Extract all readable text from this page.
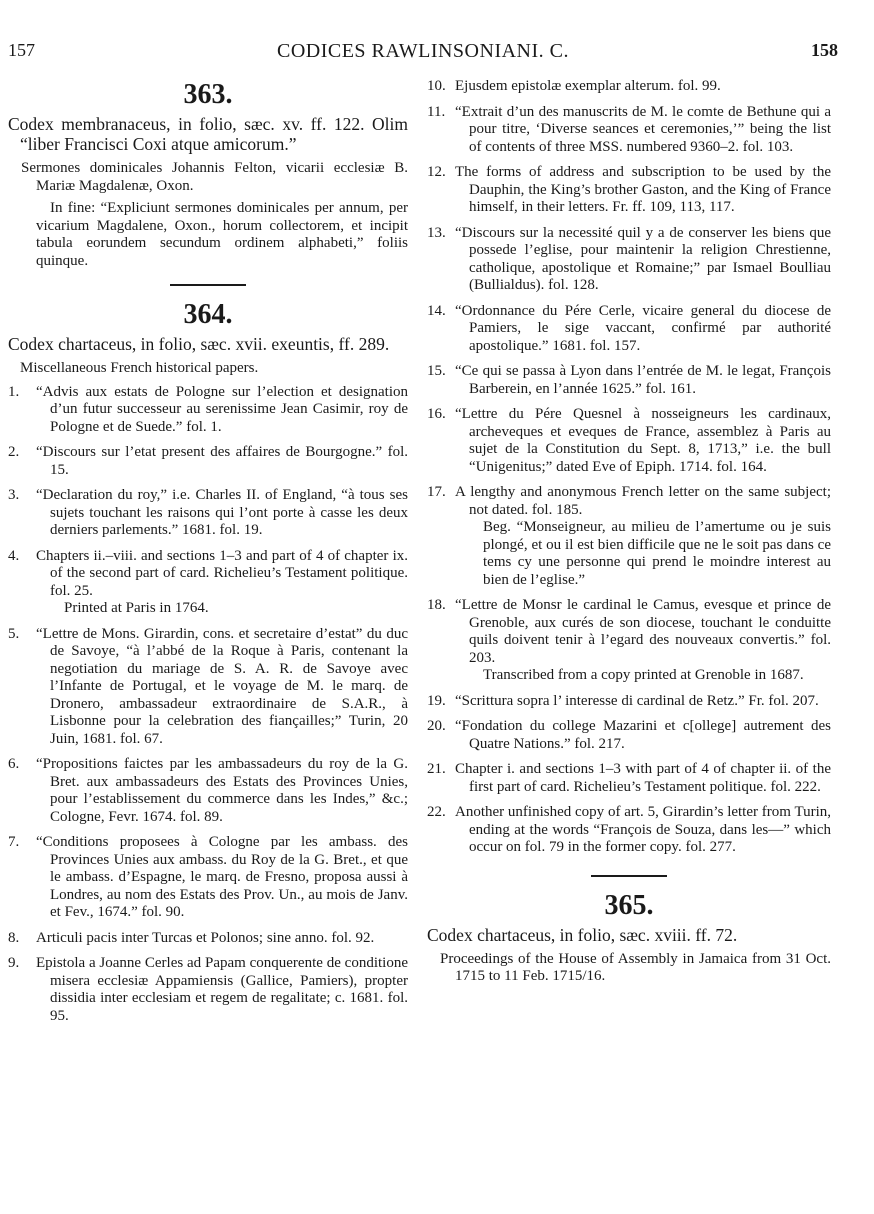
157	CODICES RAWLINSONIANI. C.	158
363.

Codex membranaceus, in folio, sæc. xv. ff. 122. Olim “liber Francisci Coxi atque amicorum.”

Sermones dominicales Johannis Felton, vicarii ecclesiæ B. Mariæ Magdalenæ, Oxon.

In fine: “Expliciunt sermones dominicales per annum, per vicarium Magdalene, Oxon., horum collectorem, et incipit tabula eorundem secundum ordinem alphabeti,” foliis quinque.

364.

Codex chartaceus, in folio, sæc. xvii. exeuntis, ff. 289.

Miscellaneous French historical papers.

1.	“Advis aux estats de Pologne sur l’election et designation d’un futur successeur au serenissime Jean Casimir, roy de Pologne et de Suede.” fol. 1.
2.	“Discours sur l’etat present des affaires de Bourgogne.” fol. 15.
3.	“Declaration du roy,” i.e. Charles II. of England, “à tous ses sujets touchant les raisons qui l’ont porte à casse les deux derniers parlements.” 1681. fol. 19.
4.	Chapters ii.–viii. and sections 1–3 and part of 4 of chapter ix. of the second part of card. Richelieu’s Testament politique. fol. 25.
Printed at Paris in 1764.
5.	“Lettre de Mons. Girardin, cons. et secretaire d’estat” du duc de Savoye, “à l’abbé de la Roque à Paris, contenant la negotiation du mariage de S. A. R. de Savoye avec l’Infante de Portugal, et le voyage de M. le marq. de Dronero, ambassadeur extraordinaire de S.A.R., à Lisbonne pour la celebration des fiançailles;” Turin, 20 Juin, 1681. fol. 67.
6.	“Propositions faictes par les ambassadeurs du roy de la G. Bret. aux ambassadeurs des Estats des Provinces Unies, pour l’establissement du commerce dans les Indes,” &c.; Cologne, Fevr. 1674. fol. 89.
7.	“Conditions proposees à Cologne par les ambass. des Provinces Unies aux ambass. du Roy de la G. Bret., et que le ambass. d’Espagne, le marq. de Fresno, proposa aussi à Londres, au nom des Estats des Prov. Un., au mois de Janv. et Fev., 1674.” fol. 90.
8.	Articuli pacis inter Turcas et Polonos; sine anno. fol. 92.
9.	Epistola a Joanne Cerles ad Papam conquerente de conditione misera ecclesiæ Appamiensis (Gallice, Pamiers), propter dissidia inter ecclesiam et regem de regalitate; c. 1681. fol. 95.
10. Ejusdem epistolæ exemplar alterum. fol. 99.
11. “Extrait d’un des manuscrits de M. le comte de Bethune qui a pour titre, ‘Diverse seances et ceremonies,’” being the list of contents of three MSS. numbered 9360–2. fol. 103.
12. The forms of address and subscription to be used by the Dauphin, the King’s brother Gaston, and the King of France himself, in their letters. Fr. ff. 109, 113, 117.
13. “Discours sur la necessité quil y a de conserver les biens que possede l’eglise, pour maintenir la religion Chrestienne, catholique, apostolique et Romaine;” par Ismael Boulliau (Bullialdus). fol. 128.
14. “Ordonnance du Pére Cerle, vicaire general du diocese de Pamiers, le sige vaccant, confirmé par authorité apostolique.” 1681. fol. 157.
15. “Ce qui se passa à Lyon dans l’entrée de M. le legat, François Barberein, en l’année 1625.” fol. 161.
16. “Lettre du Pére Quesnel à nosseigneurs les cardinaux, archeveques et eveques de France, assemblez à Paris au sujet de la Constitution du Sept. 8, 1713,” i.e. the bull “Unigenitus;” dated Eve of Epiph. 1714. fol. 164.
17. A lengthy and anonymous French letter on the same subject; not dated. fol. 185.
Beg. “Monseigneur, au milieu de l’amertume ou je suis plongé, et ou il est bien difficile que ne le soit pas dans ce tems cy une personne qui prend le moindre interest au bien de l’eglise.”
18. “Lettre de Monsr le cardinal le Camus, evesque et prince de Grenoble, aux curés de son diocese, touchant le conduitte quils doivent tenir à l’egard des nouveaux convertis.” fol. 203.
Transcribed from a copy printed at Grenoble in 1687.
19. “Scrittura sopra l’ interesse di cardinal de Retz.” Fr. fol. 207.
20. “Fondation du college Mazarini et c[ollege] autrement des Quatre Nations.” fol. 217.
21. Chapter i. and sections 1–3 with part of 4 of chapter ii. of the first part of card. Richelieu’s Testament politique. fol. 222.
22. Another unfinished copy of art. 5, Girardin’s letter from Turin, ending at the words “François de Souza, dans les—” which occur on fol. 79 in the former copy. fol. 277.
365.

Codex chartaceus, in folio, sæc. xviii. ff. 72.

Proceedings of the House of Assembly in Jamaica from 31 Oct. 1715 to 11 Feb. 1715/16.
